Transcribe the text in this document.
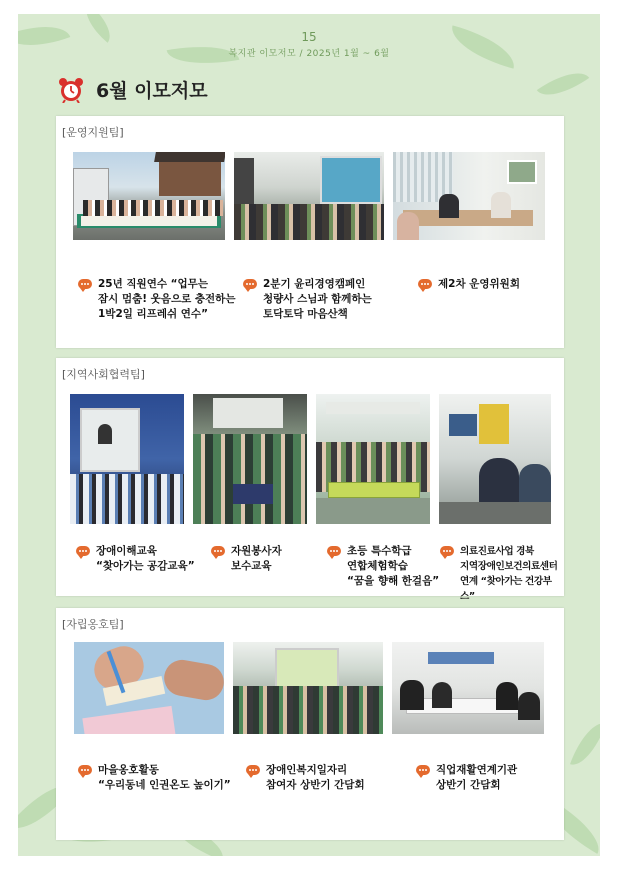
15
복지관 이모저모 / 2025년 1월 ~ 6월
6월 이모저모
[운영지원팀]
25년 직원연수 “업무는
잠시 멈춤! 웃음으로 충전하는
1박2일 리프레쉬 연수”
2분기 윤리경영캠페인
청량사 스님과 함께하는
토닥토닥 마음산책
제2차 운영위원회
[지역사회협력팀]
장애이해교육
“찾아가는 공감교육”
자원봉사자
보수교육
초등 특수학급
연합체험학습
“꿈을 향해 한걸음”
의료진료사업 경북
지역장애인보건의료센터
연계 “찾아가는 건강부스”
[자립옹호팀]
마을옹호활동
“우리동네 인권온도 높이기”
장애인복지일자리
참여자 상반기 간담회
직업재활연계기관
상반기 간담회
